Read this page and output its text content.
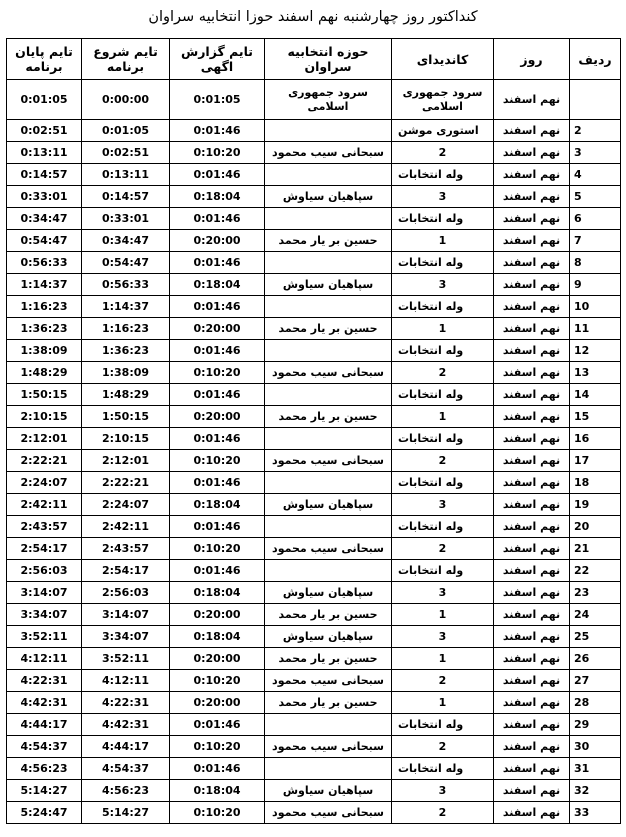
کنداکتور روز چهارشنبه نهم اسفند حوزا انتخابیه سراوان
ردیف	روز	کاندیدای	حوزه انتخابیه سراوان	تایم گزارش اگهی	تایم شروع برنامه	تایم پایان برنامه
	نهم اسفند	سرود جمهوری اسلامی	سرود جمهوری اسلامی	0:01:05	0:00:00	0:01:05
2	نهم اسفند	استوری موشن		0:01:46	0:01:05	0:02:51
3	نهم اسفند	2	سبحانی سیب محمود	0:10:20	0:02:51	0:13:11
4	نهم اسفند	وله انتخابات		0:01:46	0:13:11	0:14:57
5	نهم اسفند	3	سپاهیان سیاوش	0:18:04	0:14:57	0:33:01
6	نهم اسفند	وله انتخابات		0:01:46	0:33:01	0:34:47
7	نهم اسفند	1	حسین بر یار محمد	0:20:00	0:34:47	0:54:47
8	نهم اسفند	وله انتخابات		0:01:46	0:54:47	0:56:33
9	نهم اسفند	3	سپاهیان سیاوش	0:18:04	0:56:33	1:14:37
10	نهم اسفند	وله انتخابات		0:01:46	1:14:37	1:16:23
11	نهم اسفند	1	حسین بر یار محمد	0:20:00	1:16:23	1:36:23
12	نهم اسفند	وله انتخابات		0:01:46	1:36:23	1:38:09
13	نهم اسفند	2	سبحانی سیب محمود	0:10:20	1:38:09	1:48:29
14	نهم اسفند	وله انتخابات		0:01:46	1:48:29	1:50:15
15	نهم اسفند	1	حسین بر یار محمد	0:20:00	1:50:15	2:10:15
16	نهم اسفند	وله انتخابات		0:01:46	2:10:15	2:12:01
17	نهم اسفند	2	سبحانی سیب محمود	0:10:20	2:12:01	2:22:21
18	نهم اسفند	وله انتخابات		0:01:46	2:22:21	2:24:07
19	نهم اسفند	3	سپاهیان سیاوش	0:18:04	2:24:07	2:42:11
20	نهم اسفند	وله انتخابات		0:01:46	2:42:11	2:43:57
21	نهم اسفند	2	سبحانی سیب محمود	0:10:20	2:43:57	2:54:17
22	نهم اسفند	وله انتخابات		0:01:46	2:54:17	2:56:03
23	نهم اسفند	3	سپاهیان سیاوش	0:18:04	2:56:03	3:14:07
24	نهم اسفند	1	حسین بر یار محمد	0:20:00	3:14:07	3:34:07
25	نهم اسفند	3	سپاهیان سیاوش	0:18:04	3:34:07	3:52:11
26	نهم اسفند	1	حسین بر یار محمد	0:20:00	3:52:11	4:12:11
27	نهم اسفند	2	سبحانی سیب محمود	0:10:20	4:12:11	4:22:31
28	نهم اسفند	1	حسین بر یار محمد	0:20:00	4:22:31	4:42:31
29	نهم اسفند	وله انتخابات		0:01:46	4:42:31	4:44:17
30	نهم اسفند	2	سبحانی سیب محمود	0:10:20	4:44:17	4:54:37
31	نهم اسفند	وله انتخابات		0:01:46	4:54:37	4:56:23
32	نهم اسفند	3	سپاهیان سیاوش	0:18:04	4:56:23	5:14:27
33	نهم اسفند	2	سبحانی سیب محمود	0:10:20	5:14:27	5:24:47
